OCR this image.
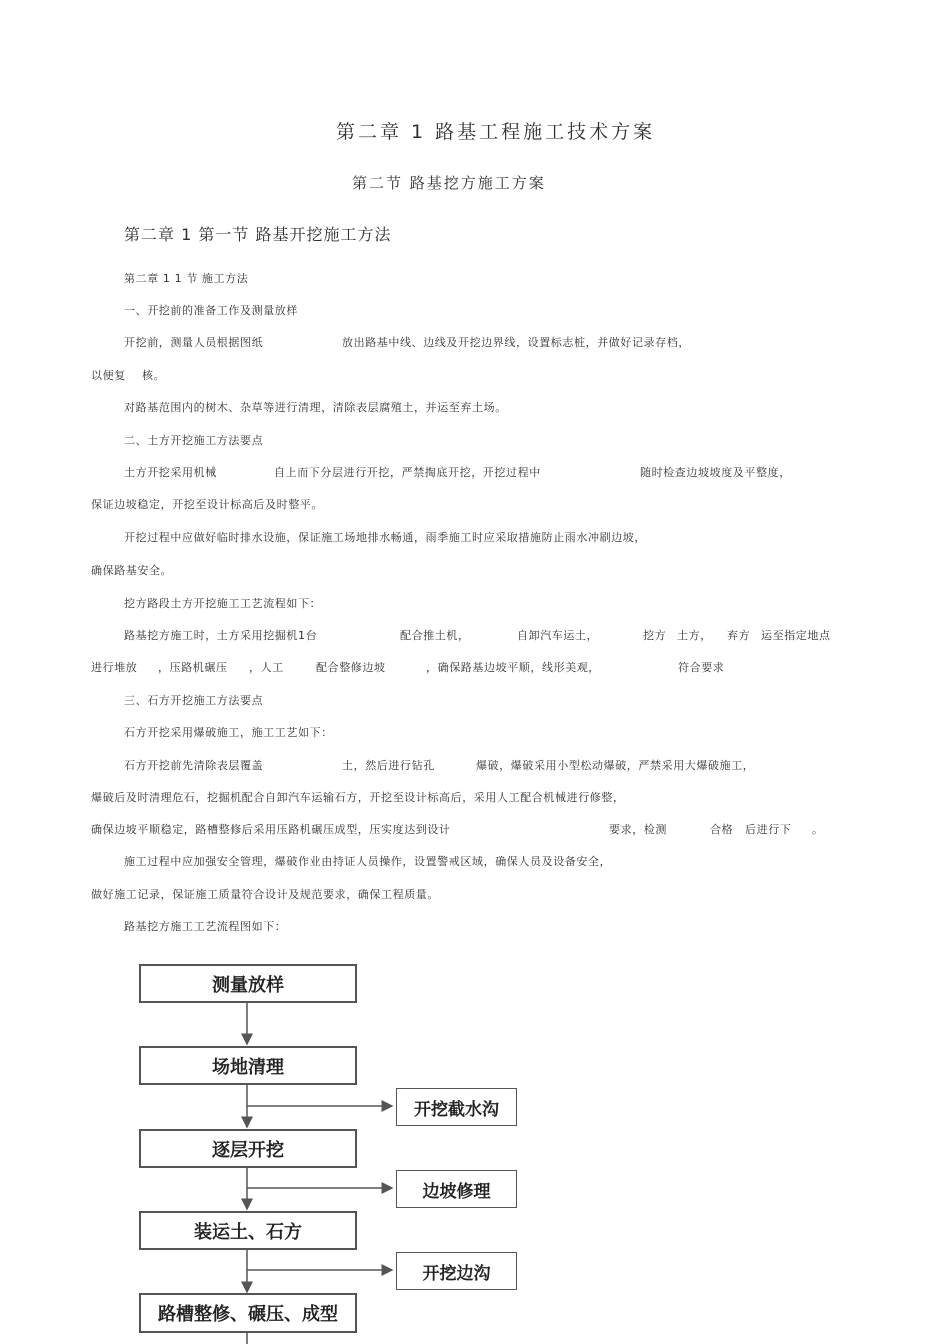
第二章 1 路基工程施工技术方案
第二节 路基挖方施工方案
第二章 1 第一节 路基开挖施工方法
第二章 1 1 节 施工方法
一、开挖前的准备工作及测量放样
开挖前，测量人员根据图纸	放出路基中线、边线及开挖边界线，设置标志桩，并做好记录存档，
以便复 核。
对路基范围内的树木、杂草等进行清理，清除表层腐殖土，并运至弃土场。
二、土方开挖施工方法要点
土方开挖采用机械	自上而下分层进行开挖，严禁掏底开挖，开挖过程中	随时检查边坡坡度及平整度，
保证边坡稳定，开挖至设计标高后及时整平。
开挖过程中应做好临时排水设施，保证施工场地排水畅通，雨季施工时应采取措施防止雨水冲刷边坡，
确保路基安全。
挖方路段土方开挖施工工艺流程如下：
路基挖方施工时，土方采用挖掘机1台	配合推土机，	自卸汽车运土，	挖方 土方， 弃方 运至指定地点
进行堆放 ，压路机碾压 ，人工	配合整修边坡	，确保路基边坡平顺，线形美观，	符合要求
三、石方开挖施工方法要点
石方开挖采用爆破施工，施工工艺如下：
石方开挖前先清除表层覆盖	土，然后进行钻孔	爆破，爆破采用小型松动爆破，严禁采用大爆破施工，
爆破后及时清理危石，挖掘机配合自卸汽车运输石方，开挖至设计标高后，采用人工配合机械进行修整，
确保边坡平顺稳定，路槽整修后采用压路机碾压成型，压实度达到设计	要求，检测	合格 后进行下 。
施工过程中应加强安全管理，爆破作业由持证人员操作，设置警戒区域，确保人员及设备安全，
做好施工记录，保证施工质量符合设计及规范要求，确保工程质量。
路基挖方施工工艺流程图如下：
测量放样
场地清理
逐层开挖
装运土、石方
路槽整修、碾压、成型
开挖截水沟
边坡修理
开挖边沟
